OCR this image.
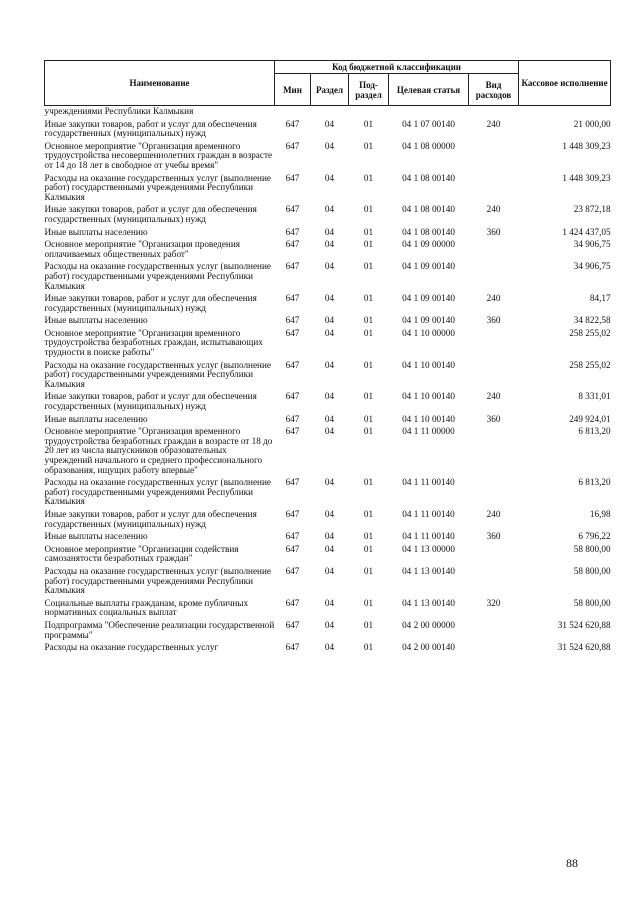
Наименование	Код бюджетной классификации					Кассовое исполнение
	Мин	Раздел	Под-раздел	Целевая статья	Вид расходов	
учреждениями Республики Калмыкия						
Иные закупки товаров, работ и услуг для обеспечения государственных (муниципальных) нужд	647	04	01	04 1 07 00140	240	21 000,00
Основное мероприятие "Организация временного трудоустройства несовершеннолетних граждан в возрасте от 14 до 18 лет в свободное от учебы время"	647	04	01	04 1 08 00000		1 448 309,23
Расходы на оказание государственных услуг (выполнение работ) государственными учреждениями Республики Калмыкия	647	04	01	04 1 08 00140		1 448 309,23
Иные закупки товаров, работ и услуг для обеспечения государственных (муниципальных) нужд	647	04	01	04 1 08 00140	240	23 872,18
Иные выплаты населению	647	04	01	04 1 08 00140	360	1 424 437,05
Основное мероприятие "Организация проведения оплачиваемых общественных работ"	647	04	01	04 1 09 00000		34 906,75
Расходы на оказание государственных услуг (выполнение работ) государственными учреждениями Республики Калмыкия	647	04	01	04 1 09 00140		34 906,75
Иные закупки товаров, работ и услуг для обеспечения государственных (муниципальных) нужд	647	04	01	04 1 09 00140	240	84,17
Иные выплаты населению	647	04	01	04 1 09 00140	360	34 822,58
Основное мероприятие "Организация временного трудоустройства безработных граждан, испытывающих трудности в поиске работы"	647	04	01	04 1 10 00000		258 255,02
Расходы на оказание государственных услуг (выполнение работ) государственными учреждениями Республики Калмыкия	647	04	01	04 1 10 00140		258 255,02
Иные закупки товаров, работ и услуг для обеспечения государственных (муниципальных) нужд	647	04	01	04 1 10 00140	240	8 331,01
Иные выплаты населению	647	04	01	04 1 10 00140	360	249 924,01
Основное мероприятие "Организация временного трудоустройства безработных граждан в возрасте от 18 до 20 лет из числа выпускников образовательных учреждений начального и среднего профессионального образования, ищущих работу впервые"	647	04	01	04 1 11 00000		6 813,20
Расходы на оказание государственных услуг (выполнение работ) государственными учреждениями Республики Калмыкия	647	04	01	04 1 11 00140		6 813,20
Иные закупки товаров, работ и услуг для обеспечения государственных (муниципальных) нужд	647	04	01	04 1 11 00140	240	16,98
Иные выплаты населению	647	04	01	04 1 11 00140	360	6 796,22
Основное мероприятие "Организация содействия самозанятости безработных граждан"	647	04	01	04 1 13 00000		58 800,00
Расходы на оказание государственных услуг (выполнение работ) государственными учреждениями Республики Калмыкия	647	04	01	04 1 13 00140		58 800,00
Социальные выплаты гражданам, кроме публичных нормативных социальных выплат	647	04	01	04 1 13 00140	320	58 800,00
Подпрограмма "Обеспечение реализации государственной программы"	647	04	01	04 2 00 00000		31 524 620,88
Расходы на оказание государственных услуг	647	04	01	04 2 00 00140		31 524 620,88
88
